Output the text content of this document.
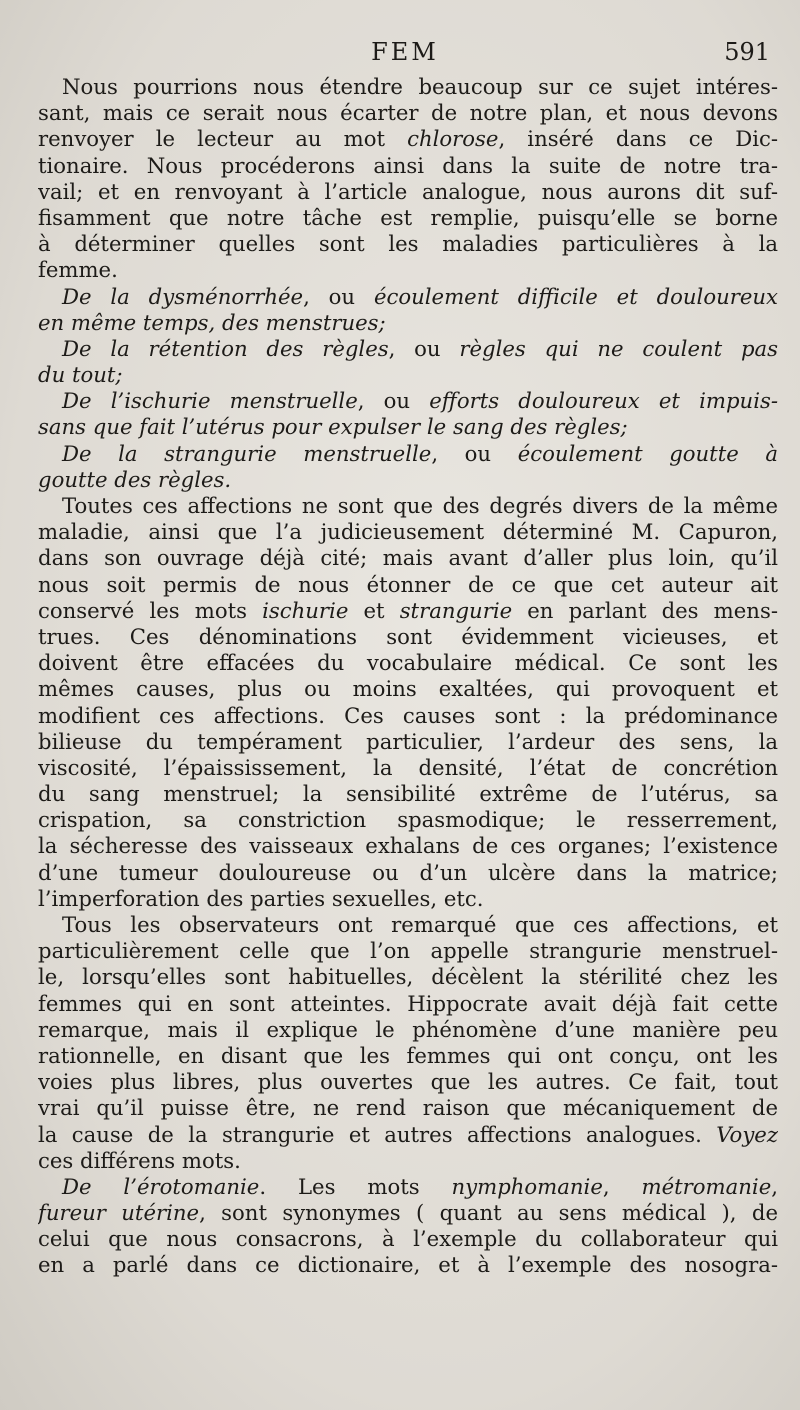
FEM	591
Nous pourrions nous étendre beaucoup sur ce sujet intéres-
sant, mais ce serait nous écarter de notre plan, et nous devons
renvoyer le lecteur au mot chlorose, inséré dans ce Dic-
tionaire. Nous procéderons ainsi dans la suite de notre tra-
vail; et en renvoyant à l’article analogue, nous aurons dit suf-
fisamment que notre tâche est remplie, puisqu’elle se borne
à déterminer quelles sont les maladies particulières à la
femme.
De la dysménorrhée, ou écoulement difficile et douloureux
en même temps, des menstrues;
De la rétention des règles, ou règles qui ne coulent pas
du tout;
De l’ischurie menstruelle, ou efforts douloureux et impuis-
sans que fait l’utérus pour expulser le sang des règles;
De la strangurie menstruelle, ou écoulement goutte à
goutte des règles.
Toutes ces affections ne sont que des degrés divers de la même
maladie, ainsi que l’a judicieusement déterminé M. Capuron,
dans son ouvrage déjà cité; mais avant d’aller plus loin, qu’il
nous soit permis de nous étonner de ce que cet auteur ait
conservé les mots ischurie et strangurie en parlant des mens-
trues. Ces dénominations sont évidemment vicieuses, et
doivent être effacées du vocabulaire médical. Ce sont les
mêmes causes, plus ou moins exaltées, qui provoquent et
modifient ces affections. Ces causes sont : la prédominance
bilieuse du tempérament particulier, l’ardeur des sens, la
viscosité, l’épaississement, la densité, l’état de concrétion
du sang menstruel; la sensibilité extrême de l’utérus, sa
crispation, sa constriction spasmodique; le resserrement,
la sécheresse des vaisseaux exhalans de ces organes; l’existence
d’une tumeur douloureuse ou d’un ulcère dans la matrice;
l’imperforation des parties sexuelles, etc.
Tous les observateurs ont remarqué que ces affections, et
particulièrement celle que l’on appelle strangurie menstruel-
le, lorsqu’elles sont habituelles, décèlent la stérilité chez les
femmes qui en sont atteintes. Hippocrate avait déjà fait cette
remarque, mais il explique le phénomène d’une manière peu
rationnelle, en disant que les femmes qui ont conçu, ont les
voies plus libres, plus ouvertes que les autres. Ce fait, tout
vrai qu’il puisse être, ne rend raison que mécaniquement de
la cause de la strangurie et autres affections analogues. Voyez
ces différens mots.
De l’érotomanie. Les mots nymphomanie, métromanie,
fureur utérine, sont synonymes ( quant au sens médical ), de
celui que nous consacrons, à l’exemple du collaborateur qui
en a parlé dans ce dictionaire, et à l’exemple des nosogra-
